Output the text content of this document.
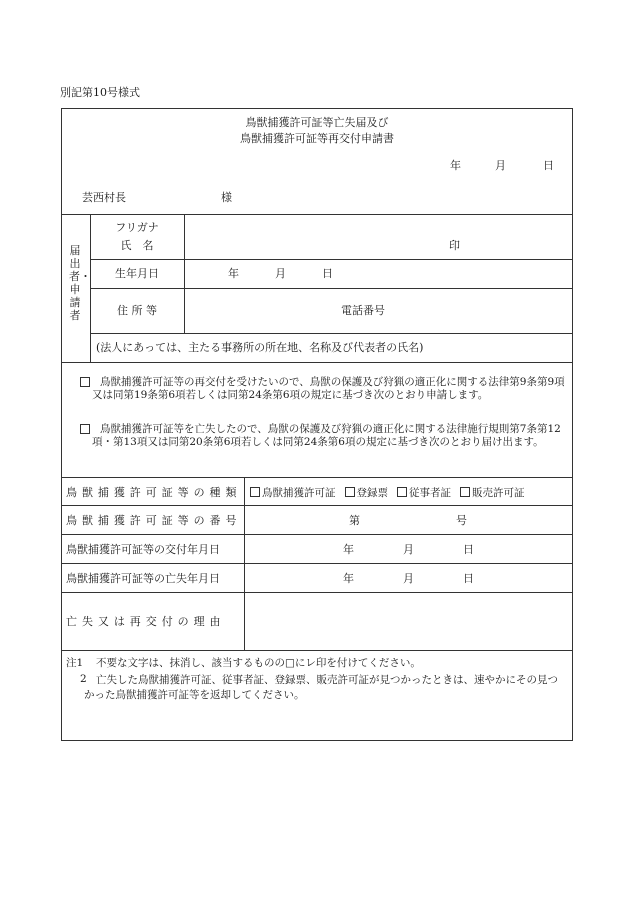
別記第10号様式
鳥獣捕獲許可証等亡失届及び
鳥獣捕獲許可証等再交付申請書
年	月	日
芸西村長	様
届出者・申請者
フリガナ
氏　名	印
生年月日	年	月	日
住 所 等	電話番号
(法人にあっては、主たる事務所の所在地、名称及び代表者の氏名)
鳥獣捕獲許可証等の再交付を受けたいので、鳥獣の保護及び狩猟の適正化に関する法律第9条第9項又は同第19条第6項若しくは同第24条第6項の規定に基づき次のとおり申請します。
鳥獣捕獲許可証等を亡失したので、鳥獣の保護及び狩猟の適正化に関する法律施行規則第7条第12項・第13項又は同第20条第6項若しくは同第24条第6項の規定に基づき次のとおり届け出ます。
鳥獣捕獲許可証等の種類	鳥獣捕獲許可証 登録票 従事者証 販売許可証
鳥獣捕獲許可証等の番号	第	号
鳥獣捕獲許可証等の交付年月日	年	月	日
鳥獣捕獲許可証等の亡失年月日	年	月	日
亡失又は再交付の理由
注1 不要な文字は、抹消し、該当するものの□にレ印を付けてください。
2 亡失した鳥獣捕獲許可証、従事者証、登録票、販売許可証が見つかったときは、速やかにその見つかった鳥獣捕獲許可証等を返却してください。
